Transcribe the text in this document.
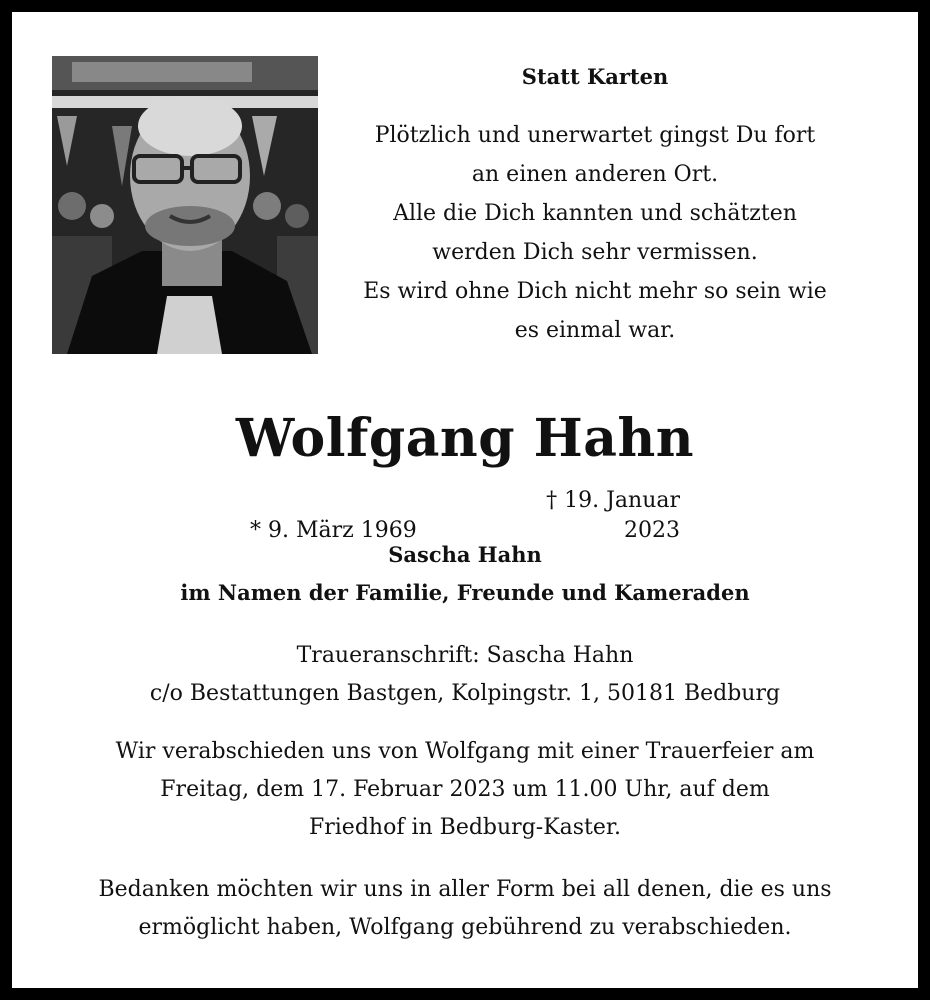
Statt Karten
Plötzlich und unerwartet gingst Du fort
an einen anderen Ort.
Alle die Dich kannten und schätzten
werden Dich sehr vermissen.
Es wird ohne Dich nicht mehr so sein wie
es einmal war.
Wolfgang Hahn
* 9. März 1969† 19. Januar 2023
Sascha Hahn
im Namen der Familie, Freunde und Kameraden
Traueranschrift: Sascha Hahn
c/o Bestattungen Bastgen, Kolpingstr. 1, 50181 Bedburg
Wir verabschieden uns von Wolfgang mit einer Trauerfeier am
Freitag, dem 17. Februar 2023 um 11.00 Uhr, auf dem
Friedhof in Bedburg-Kaster.
Bedanken möchten wir uns in aller Form bei all denen, die es uns
ermöglicht haben, Wolfgang gebührend zu verabschieden.
